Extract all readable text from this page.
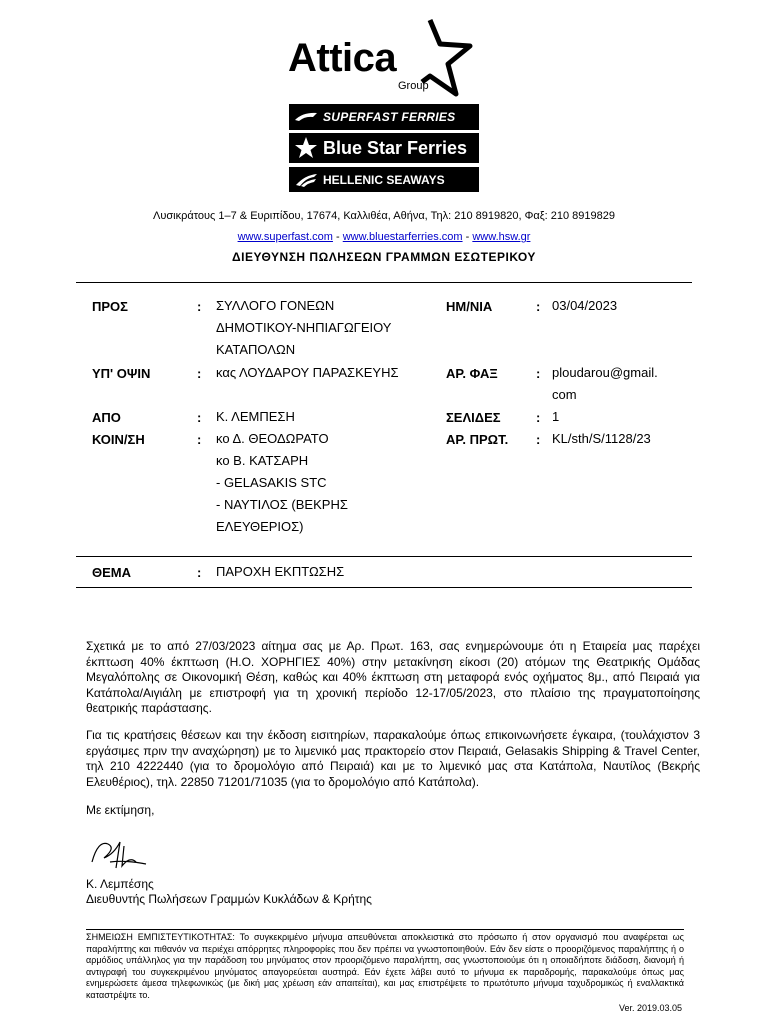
Attica
Group
SUPERFAST FERRIES
Blue Star Ferries
HELLENIC SEAWAYS
Λυσικράτους 1–7 & Ευριπίδου, 17674, Καλλιθέα, Αθήνα, Τηλ: 210 8919820, Φαξ: 210 8919829
www.superfast.com - www.bluestarferries.com - www.hsw.gr
ΔΙΕΥΘΥΝΣΗ ΠΩΛΗΣΕΩΝ ΓΡΑΜΜΩΝ ΕΣΩΤΕΡΙΚΟΥ
ΠΡΟΣ	: ΣΥΛΛΟΓΟ ΓΟΝΕΩΝ
ΔΗΜΟΤΙΚΟΥ-ΝΗΠΙΑΓΩΓΕΙΟΥ
ΚΑΤΑΠΟΛΩΝ
ΗΜ/ΝΙΑ	: 03/04/2023
ΥΠ' ΟΨΙΝ	: κας ΛΟΥΔΑΡΟΥ ΠΑΡΑΣΚΕΥΗΣ	ΑΡ. ΦΑΞ	: ploudarou@gmail.
com
ΑΠΟ	: Κ. ΛΕΜΠΕΣΗ	ΣΕΛΙΔΕΣ	: 1
ΚΟΙΝ/ΣΗ	: κο Δ. ΘΕΟΔΩΡΑΤΟ
κο Β. ΚΑΤΣΑΡΗ
- GELASAKIS STC
- ΝΑΥΤΙΛΟΣ (ΒΕΚΡΗΣ
ΕΛΕΥΘΕΡΙΟΣ)
ΑΡ. ΠΡΩΤ. : KL/sth/S/1128/23
ΘΕΜΑ	: ΠΑΡΟΧΗ ΕΚΠΤΩΣΗΣ
Σχετικά με το από 27/03/2023 αίτημα σας με Αρ. Πρωτ. 163, σας ενημερώνουμε ότι η Εταιρεία μας παρέχει έκπτωση 40% έκπτωση (Η.Ο. ΧΟΡΗΓΙΕΣ 40%) στην μετακίνηση είκοσι (20) ατόμων της Θεατρικής Ομάδας Μεγαλόπολης σε Οικονομική Θέση, καθώς και 40% έκπτωση στη μεταφορά ενός οχήματος 8μ., από Πειραιά για Κατάπολα/Αιγιάλη με επιστροφή για τη χρονική περίοδο 12-17/05/2023, στο πλαίσιο της πραγματοποίησης θεατρικής παράστασης.
Για τις κρατήσεις θέσεων και την έκδοση εισιτηρίων, παρακαλούμε όπως επικοινωνήσετε έγκαιρα, (τουλάχιστον 3 εργάσιμες πριν την αναχώρηση) με το λιμενικό μας πρακτορείο στον Πειραιά, Gelasakis Shipping & Travel Center, τηλ 210 4222440 (για το δρομολόγιο από Πειραιά) και με το λιμενικό μας στα Κατάπολα, Ναυτίλος (Βεκρής Ελευθέριος), τηλ. 22850 71201/71035 (για το δρομολόγιο από Κατάπολα).
Με εκτίμηση,
Κ. Λεμπέσης
Διευθυντής Πωλήσεων Γραμμών Κυκλάδων & Κρήτης
ΣΗΜΕΙΩΣΗ ΕΜΠΙΣΤΕΥΤΙΚΟΤΗΤΑΣ: Το συγκεκριμένο μήνυμα απευθύνεται αποκλειστικά στο πρόσωπο ή στον οργανισμό που αναφέρεται ως παραλήπτης και πιθανόν να περιέχει απόρρητες πληροφορίες που δεν πρέπει να γνωστοποιηθούν. Εάν δεν είστε ο προοριζόμενος παραλήπτης ή ο αρμόδιος υπάλληλος για την παράδοση του μηνύματος στον προοριζόμενο παραλήπτη, σας γνωστοποιούμε ότι η οποιαδήποτε διάδοση, διανομή ή αντιγραφή του συγκεκριμένου μηνύματος απαγορεύεται αυστηρά. Εάν έχετε λάβει αυτό το μήνυμα εκ παραδρομής, παρακαλούμε όπως μας ενημερώσετε άμεσα τηλεφωνικώς (με δική μας χρέωση εάν απαιτείται), και μας επιστρέψετε το πρωτότυπο μήνυμα ταχυδρομικώς ή εναλλακτικά καταστρέψτε το.
Ver. 2019.03.05
